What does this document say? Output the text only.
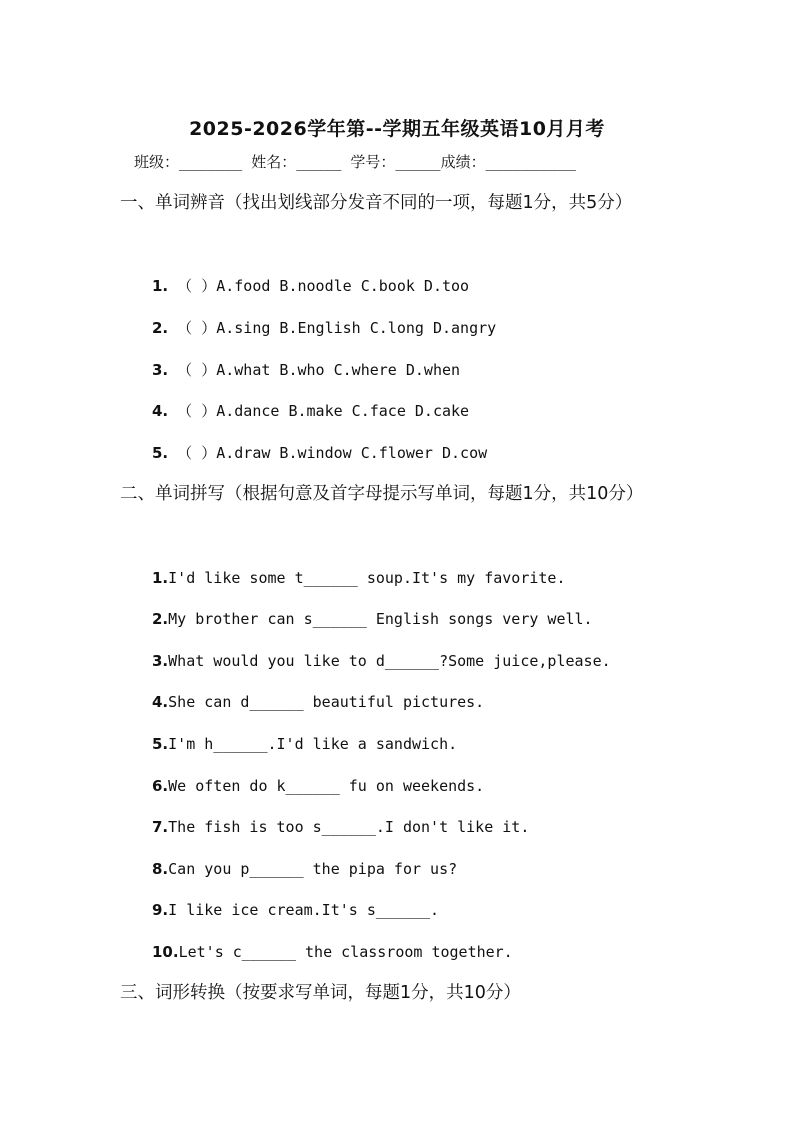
2025-2026学年第--学期五年级英语10月月考
班级：_______ 姓名：_____ 学号：_____成绩：__________
一、单词辨音（找出划线部分发音不同的一项，每题1分，共5分）
1. （ ）A.food B.noodle C.book D.too
2. （ ）A.sing B.English C.long D.angry
3. （ ）A.what B.who C.where D.when
4. （ ）A.dance B.make C.face D.cake
5. （ ）A.draw B.window C.flower D.cow
二、单词拼写（根据句意及首字母提示写单词，每题1分，共10分）
1.I'd like some t______ soup.It's my favorite.
2.My brother can s______ English songs very well.
3.What would you like to d______?Some juice,please.
4.She can d______ beautiful pictures.
5.I'm h______.I'd like a sandwich.
6.We often do k______ fu on weekends.
7.The fish is too s______.I don't like it.
8.Can you p______ the pipa for us?
9.I like ice cream.It's s______.
10.Let's c______ the classroom together.
三、词形转换（按要求写单词，每题1分，共10分）
